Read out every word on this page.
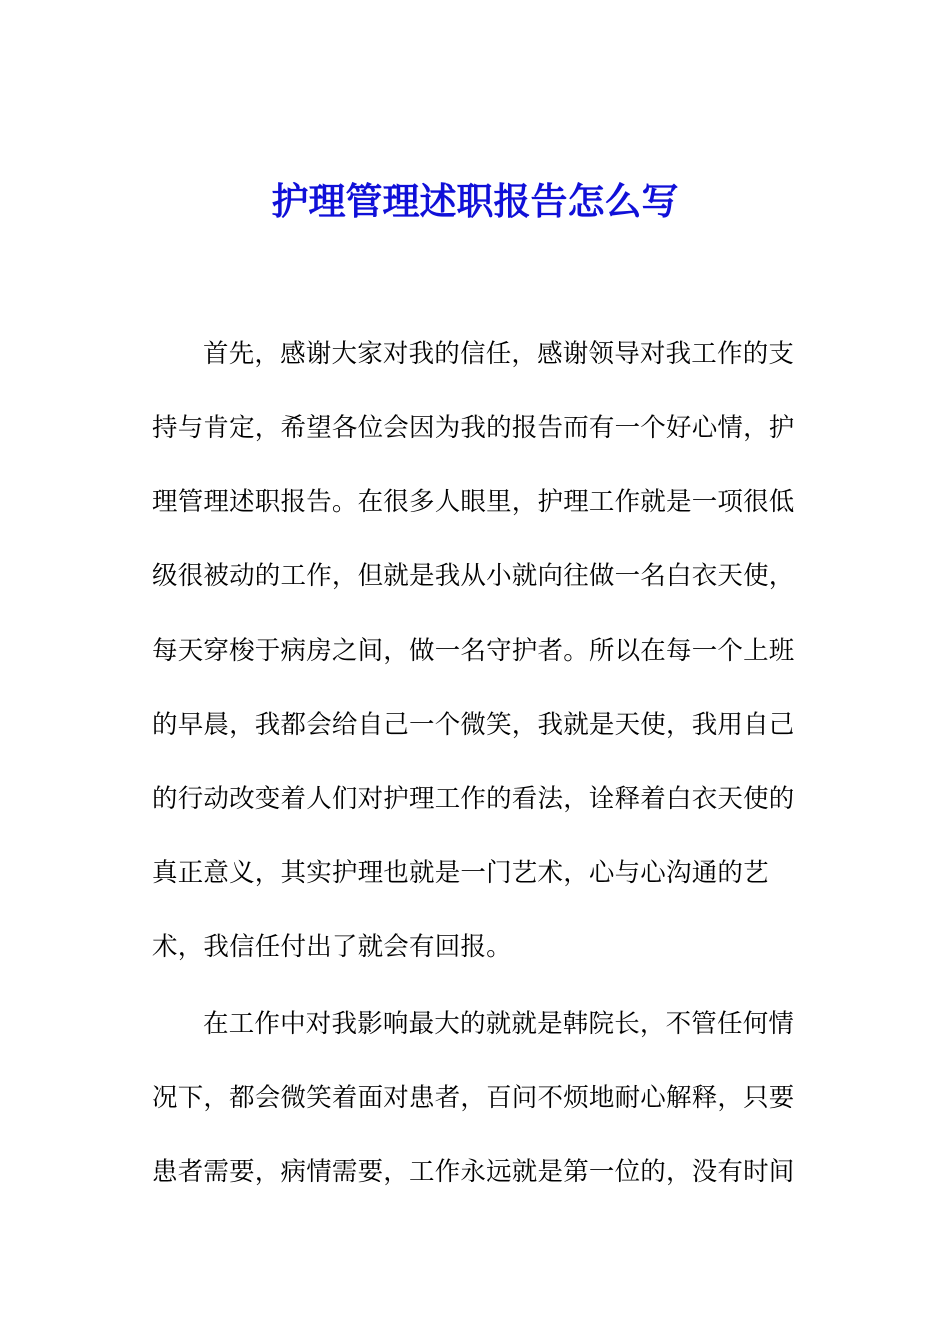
护理管理述职报告怎么写
首先，感谢大家对我的信任，感谢领导对我工作的支
持与肯定，希望各位会因为我的报告而有一个好心情，护
理管理述职报告。在很多人眼里，护理工作就是一项很低
级很被动的工作，但就是我从小就向往做一名白衣天使，
每天穿梭于病房之间，做一名守护者。所以在每一个上班
的早晨，我都会给自己一个微笑，我就是天使，我用自己
的行动改变着人们对护理工作的看法，诠释着白衣天使的
真正意义，其实护理也就是一门艺术，心与心沟通的艺
术，我信任付出了就会有回报。
在工作中对我影响最大的就就是韩院长，不管任何情
况下，都会微笑着面对患者，百问不烦地耐心解释，只要
患者需要，病情需要，工作永远就是第一位的，没有时间
